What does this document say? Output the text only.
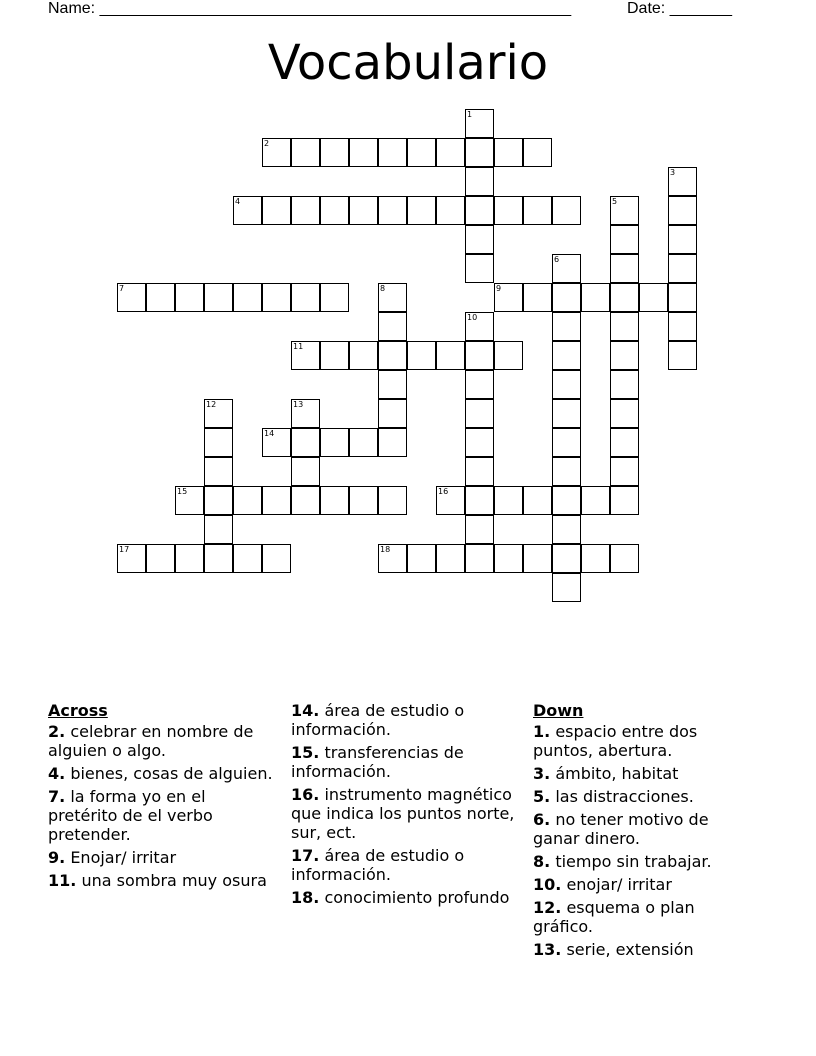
Name: _____________________________________________________	Date: _______
Vocabulario
1
2
3
4	5
6
7	8	9
10
11
12	13
14
15	16
17	18
Across
2. celebrar en nombre de alguien o algo.
4. bienes, cosas de alguien.
7. la forma yo en el pretérito de el verbo pretender.
9. Enojar/ irritar
11. una sombra muy osura
14. área de estudio o información.
15. transferencias de información.
16. instrumento magnético que indica los puntos norte, sur, ect.
17. área de estudio o información.
18. conocimiento profundo
Down
1. espacio entre dos puntos, abertura.
3. ámbito, habitat
5. las distracciones.
6. no tener motivo de ganar dinero.
8. tiempo sin trabajar.
10. enojar/ irritar
12. esquema o plan gráfico.
13. serie, extensión
